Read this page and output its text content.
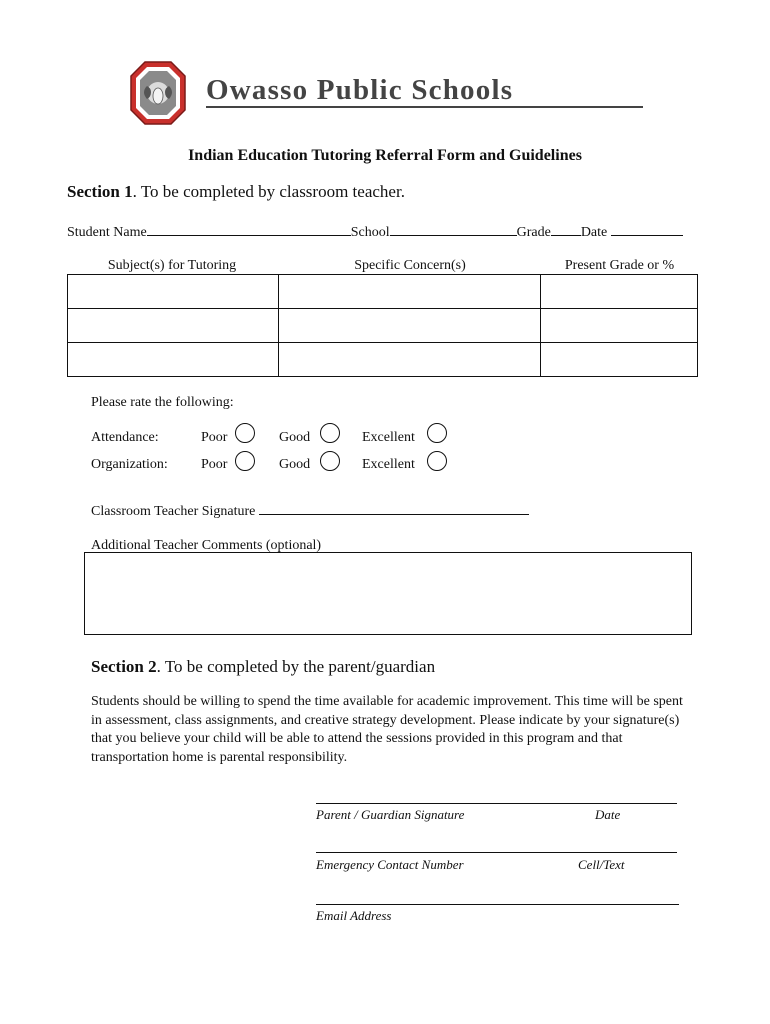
Owasso Public Schools
Indian Education Tutoring Referral Form and Guidelines
Section 1. To be completed by classroom teacher.
Student Name	School	Grade Date
Subject(s) for Tutoring	Specific Concern(s)	Present Grade or %

Please rate the following:
Attendance:	Poor	Good	Excellent
Organization: Poor	Good	Excellent
Classroom Teacher Signature
Additional Teacher Comments (optional)
Section 2. To be completed by the parent/guardian
Students should be willing to spend the time available for academic improvement. This time will be spent in assessment, class assignments, and creative strategy development. Please indicate by your signature(s) that you believe your child will be able to attend the sessions provided in this program and that transportation home is parental responsibility.
Parent / Guardian Signature	Date
Emergency Contact Number	Cell/Text
Email Address
